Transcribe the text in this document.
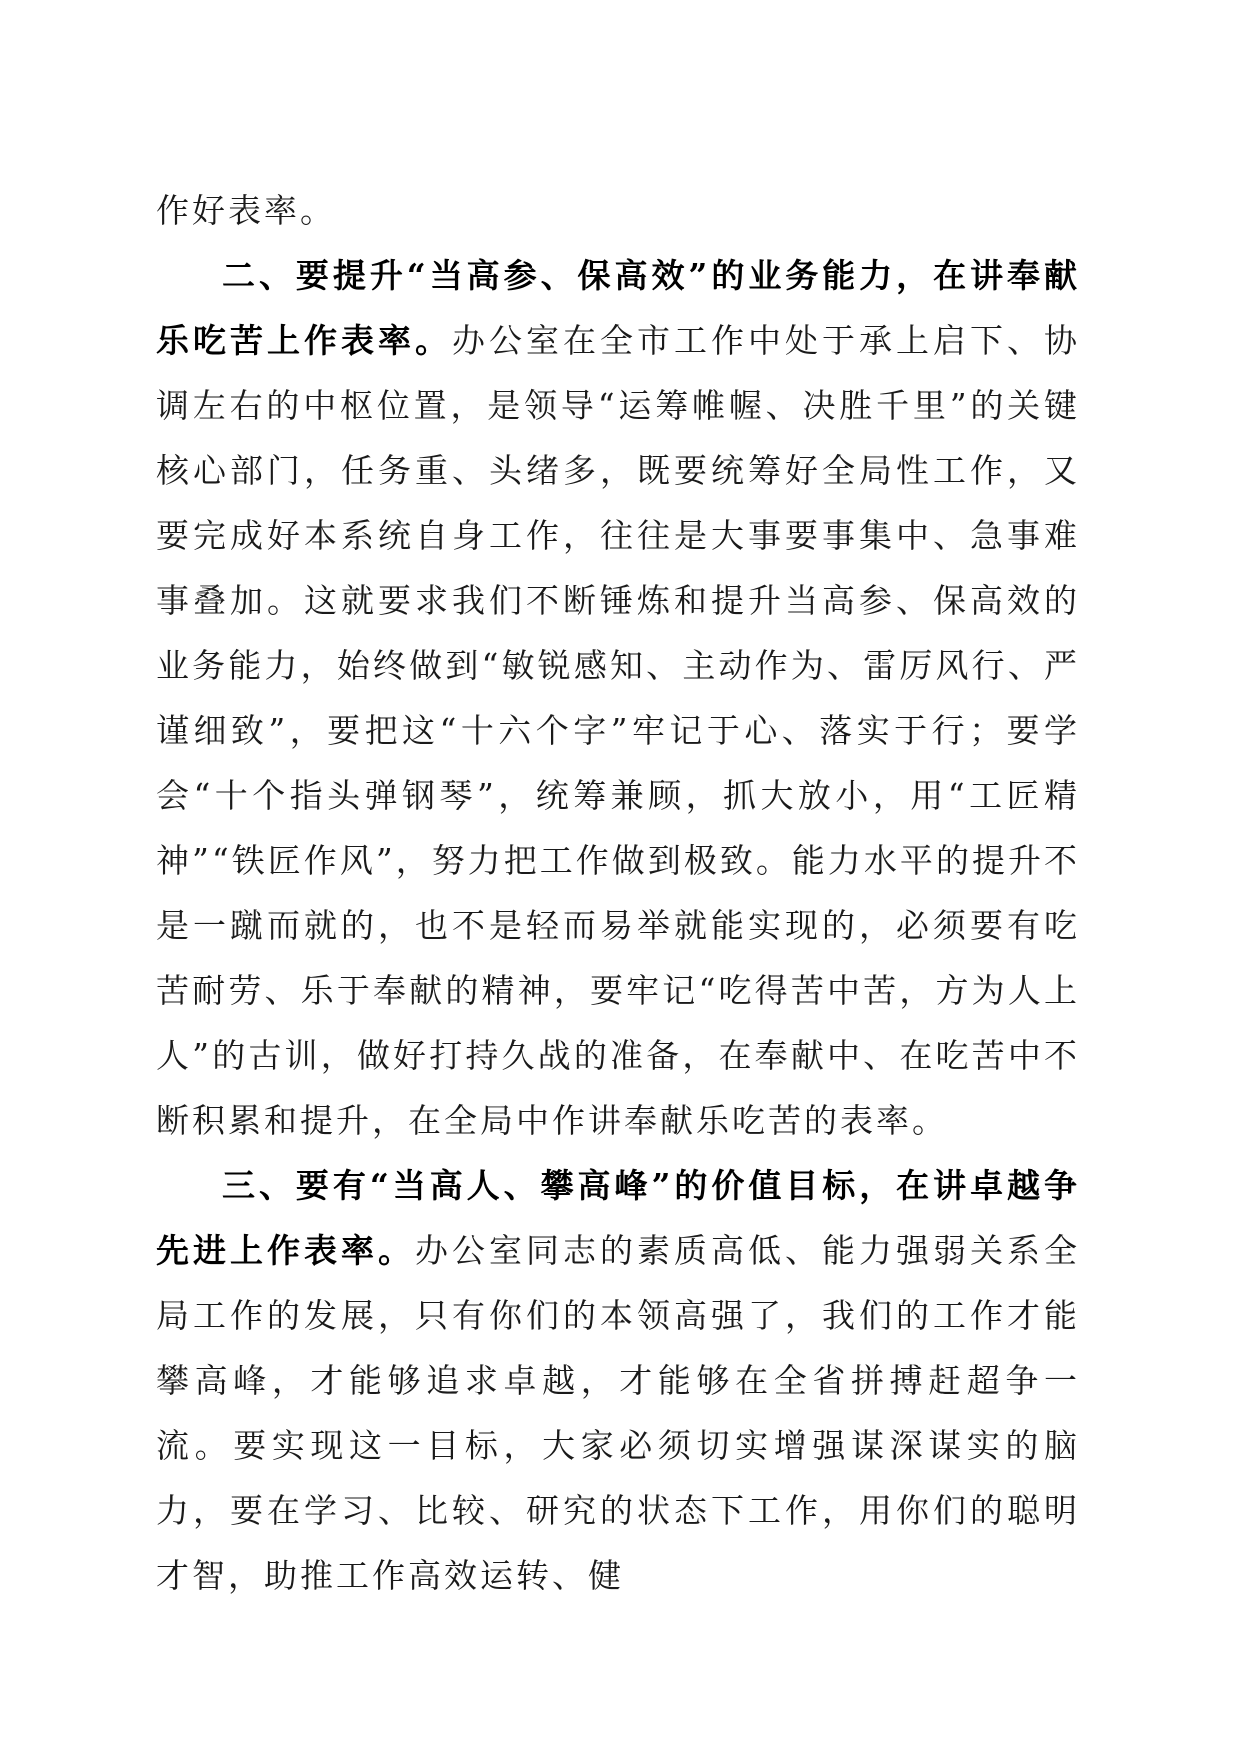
作好表率。

二、要提升“当高参、保高效”的业务能力，在讲奉献乐吃苦上作表率。办公室在全市工作中处于承上启下、协调左右的中枢位置，是领导“运筹帷幄、决胜千里”的关键核心部门，任务重、头绪多，既要统筹好全局性工作，又要完成好本系统自身工作，往往是大事要事集中、急事难事叠加。这就要求我们不断锤炼和提升当高参、保高效的业务能力，始终做到“敏锐感知、主动作为、雷厉风行、严谨细致”，要把这“十六个字”牢记于心、落实于行；要学会“十个指头弹钢琴”，统筹兼顾，抓大放小，用“工匠精神”“铁匠作风”，努力把工作做到极致。能力水平的提升不是一蹴而就的，也不是轻而易举就能实现的，必须要有吃苦耐劳、乐于奉献的精神，要牢记“吃得苦中苦，方为人上人”的古训，做好打持久战的准备，在奉献中、在吃苦中不断积累和提升，在全局中作讲奉献乐吃苦的表率。

三、要有“当高人、攀高峰”的价值目标，在讲卓越争先进上作表率。办公室同志的素质高低、能力强弱关系全局工作的发展，只有你们的本领高强了，我们的工作才能攀高峰，才能够追求卓越，才能够在全省拼搏赶超争一流。要实现这一目标，大家必须切实增强谋深谋实的脑力，要在学习、比较、研究的状态下工作，用你们的聪明才智，助推工作高效运转、健
